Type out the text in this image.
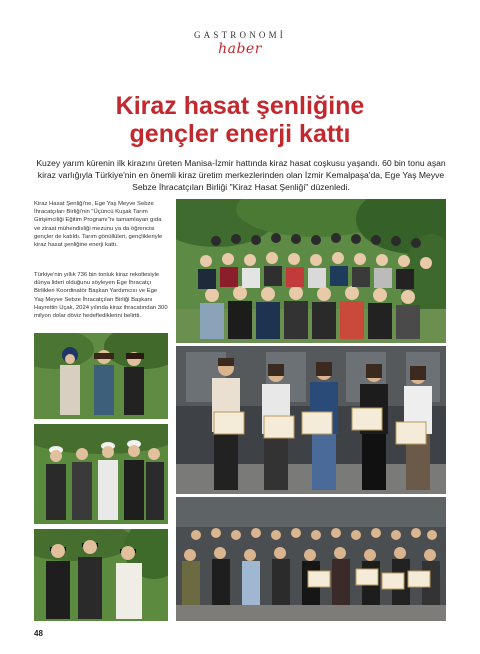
GASTRONOMİ
haber
Kiraz hasat şenliğine
gençler enerji kattı

Kuzey yarım kürenin ilk kirazını üreten Manisa-İzmir hattında kiraz hasat coşkusu yaşandı. 60 bin tonu aşan kiraz varlığıyla Türkiye'nin en önemli kiraz üretim merkezlerinden olan İzmir Kemalpaşa'da, Ege Yaş Meyve Sebze İhracatçıları Birliği "Kiraz Hasat Şenliği" düzenledi.

Kiraz Hasat Şenliği'ne, Ege Yaş Meyve Sebze İhracatçıları Birliği'nin "Üçüncü Kuşak Tarım Girişimciliği Eğitim Programı"nı tamamlayan gıda ve ziraat mühendisliği mezunu ya da öğrencisi gençler de katıldı. Tarım gönüllüleri, gençlikleriyle kiraz hasat şenliğine enerji kattı.

Türkiye'nin yıllık 736 bin tonluk kiraz rekoltesiyle dünya lideri olduğunu söyleyen Ege İhracatçı Birlikleri Koordinatör Başkan Yardımcısı ve Ege Yaş Meyve Sebze İhracatçıları Birliği Başkanı Hayrettin Uçak, 2024 yılında kiraz ihracatından 300 milyon dolar döviz hedeflediklerini belirtti.

48
